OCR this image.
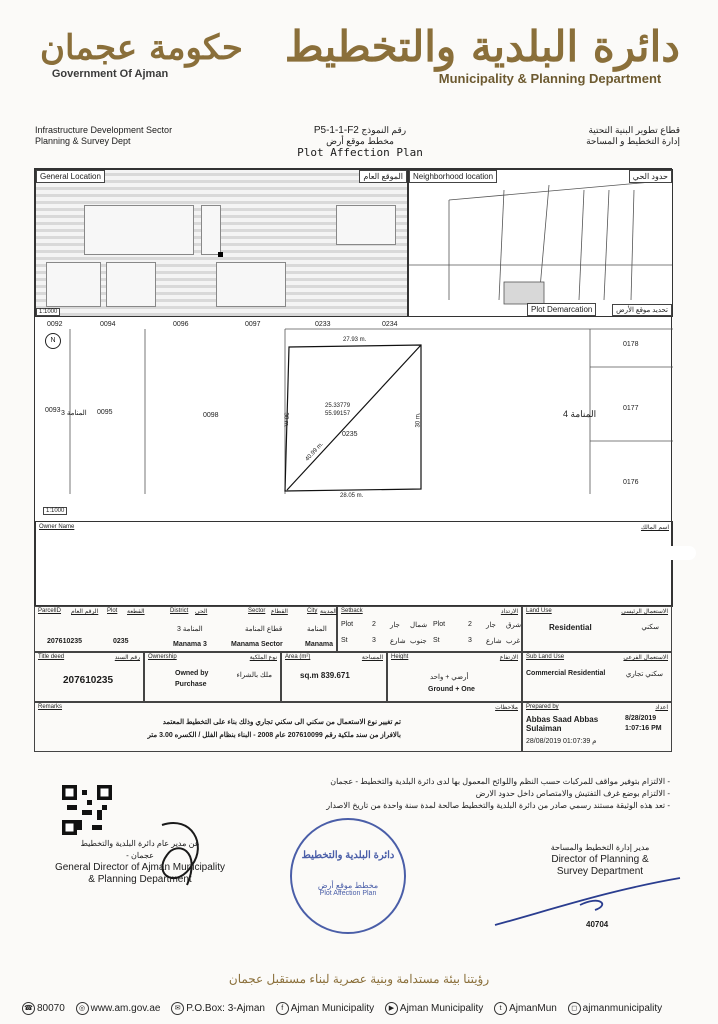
حكومة عجمان
Government Of Ajman
دائرة البلدية والتخطيط
Municipality & Planning Department
Infrastructure Development Sector
Planning & Survey Dept
قطاع تطوير البنية التحتية
إدارة التخطيط و المساحة
P5-1-1-F2 رقم النموذج
مخطط موقع أرض
Plot Affection Plan
General Location	الموقع العام
1:1000
Neighborhood location	حدود الحي
Plot Demarcation	تحديد موقع الأرض
N
0092	0094	0096	0097	0233	0234
0093 المنامة 3 0095	0098
0178
0177
0176
المنامة 4
27.93 m.
28.05 m.
30 m.	30 m.
40.99 m.
25.33779
55.99157
0235
1:1000
Owner Name	اسم المالك
ParcelID الرقم العام Plot القطعة	District الحي	Sector القطاع	City المدينة
المنامة 3	قطاع المنامة	المنامة
207610235	0235	Manama 3	Manama Sector	Manama
Setback	الارتداد
Plot	2 جار شمال Plot	2 جار شرق
St	3 شارع جنوب St	3 شارع غرب
Land Use	الاستعمال الرئيسي
Residential	سكني
Title deed	رقم السند
207610235
Ownership	نوع الملكية
Owned by Purchase
ملك بالشراء
Area (m²)	المساحة
sq.m 839.671
Height	الارتفاع
أرضي + واحد
Ground + One
Sub Land Use	الاستعمال الفرعي
Commercial Residential	سكني تجاري
Remarks	ملاحظات
تم تغيير نوع الاستعمال من سكني الى سكني تجاري وذلك بناء على التخطيط المعتمد
بالافراز من سند ملكية رقم 207610099 عام 2008 - البناء بنظام الفلل / الكسره 3.00 متر
Prepared by	اعداد
Abbas Saad Abbas Sulaiman
28/08/2019 01:07:39 م
8/28/2019
1:07:16 PM
- الالتزام بتوفير مواقف للمركبات حسب النظم واللوائح المعمول بها لدى دائرة البلدية والتخطيط - عجمان
- الالتزام بوضع غرف التفتيش والامتصاص داخل حدود الارض
- تعد هذه الوثيقة مستند رسمي صادر من دائرة البلدية والتخطيط صالحة لمدة سنة واحدة من تاريخ الاصدار
عن مدير عام دائرة البلدية والتخطيط
- عجمان
General Director of Ajman Municipality
& Planning Department
دائرة البلدية والتخطيط
مخطط موقع أرض
Plot Affection Plan
مدير إدارة التخطيط والمساحة
Director of Planning &
Survey Department
40704
رؤيتنا بيئة مستدامة وبنية عصرية لبناء مستقبل عجمان
☎ 80070 ◎ www.am.gov.ae ✉ P.O.Box: 3-Ajman f Ajman Municipality ▶ Ajman Municipality t AjmanMun ◻ ajmanmunicipality
